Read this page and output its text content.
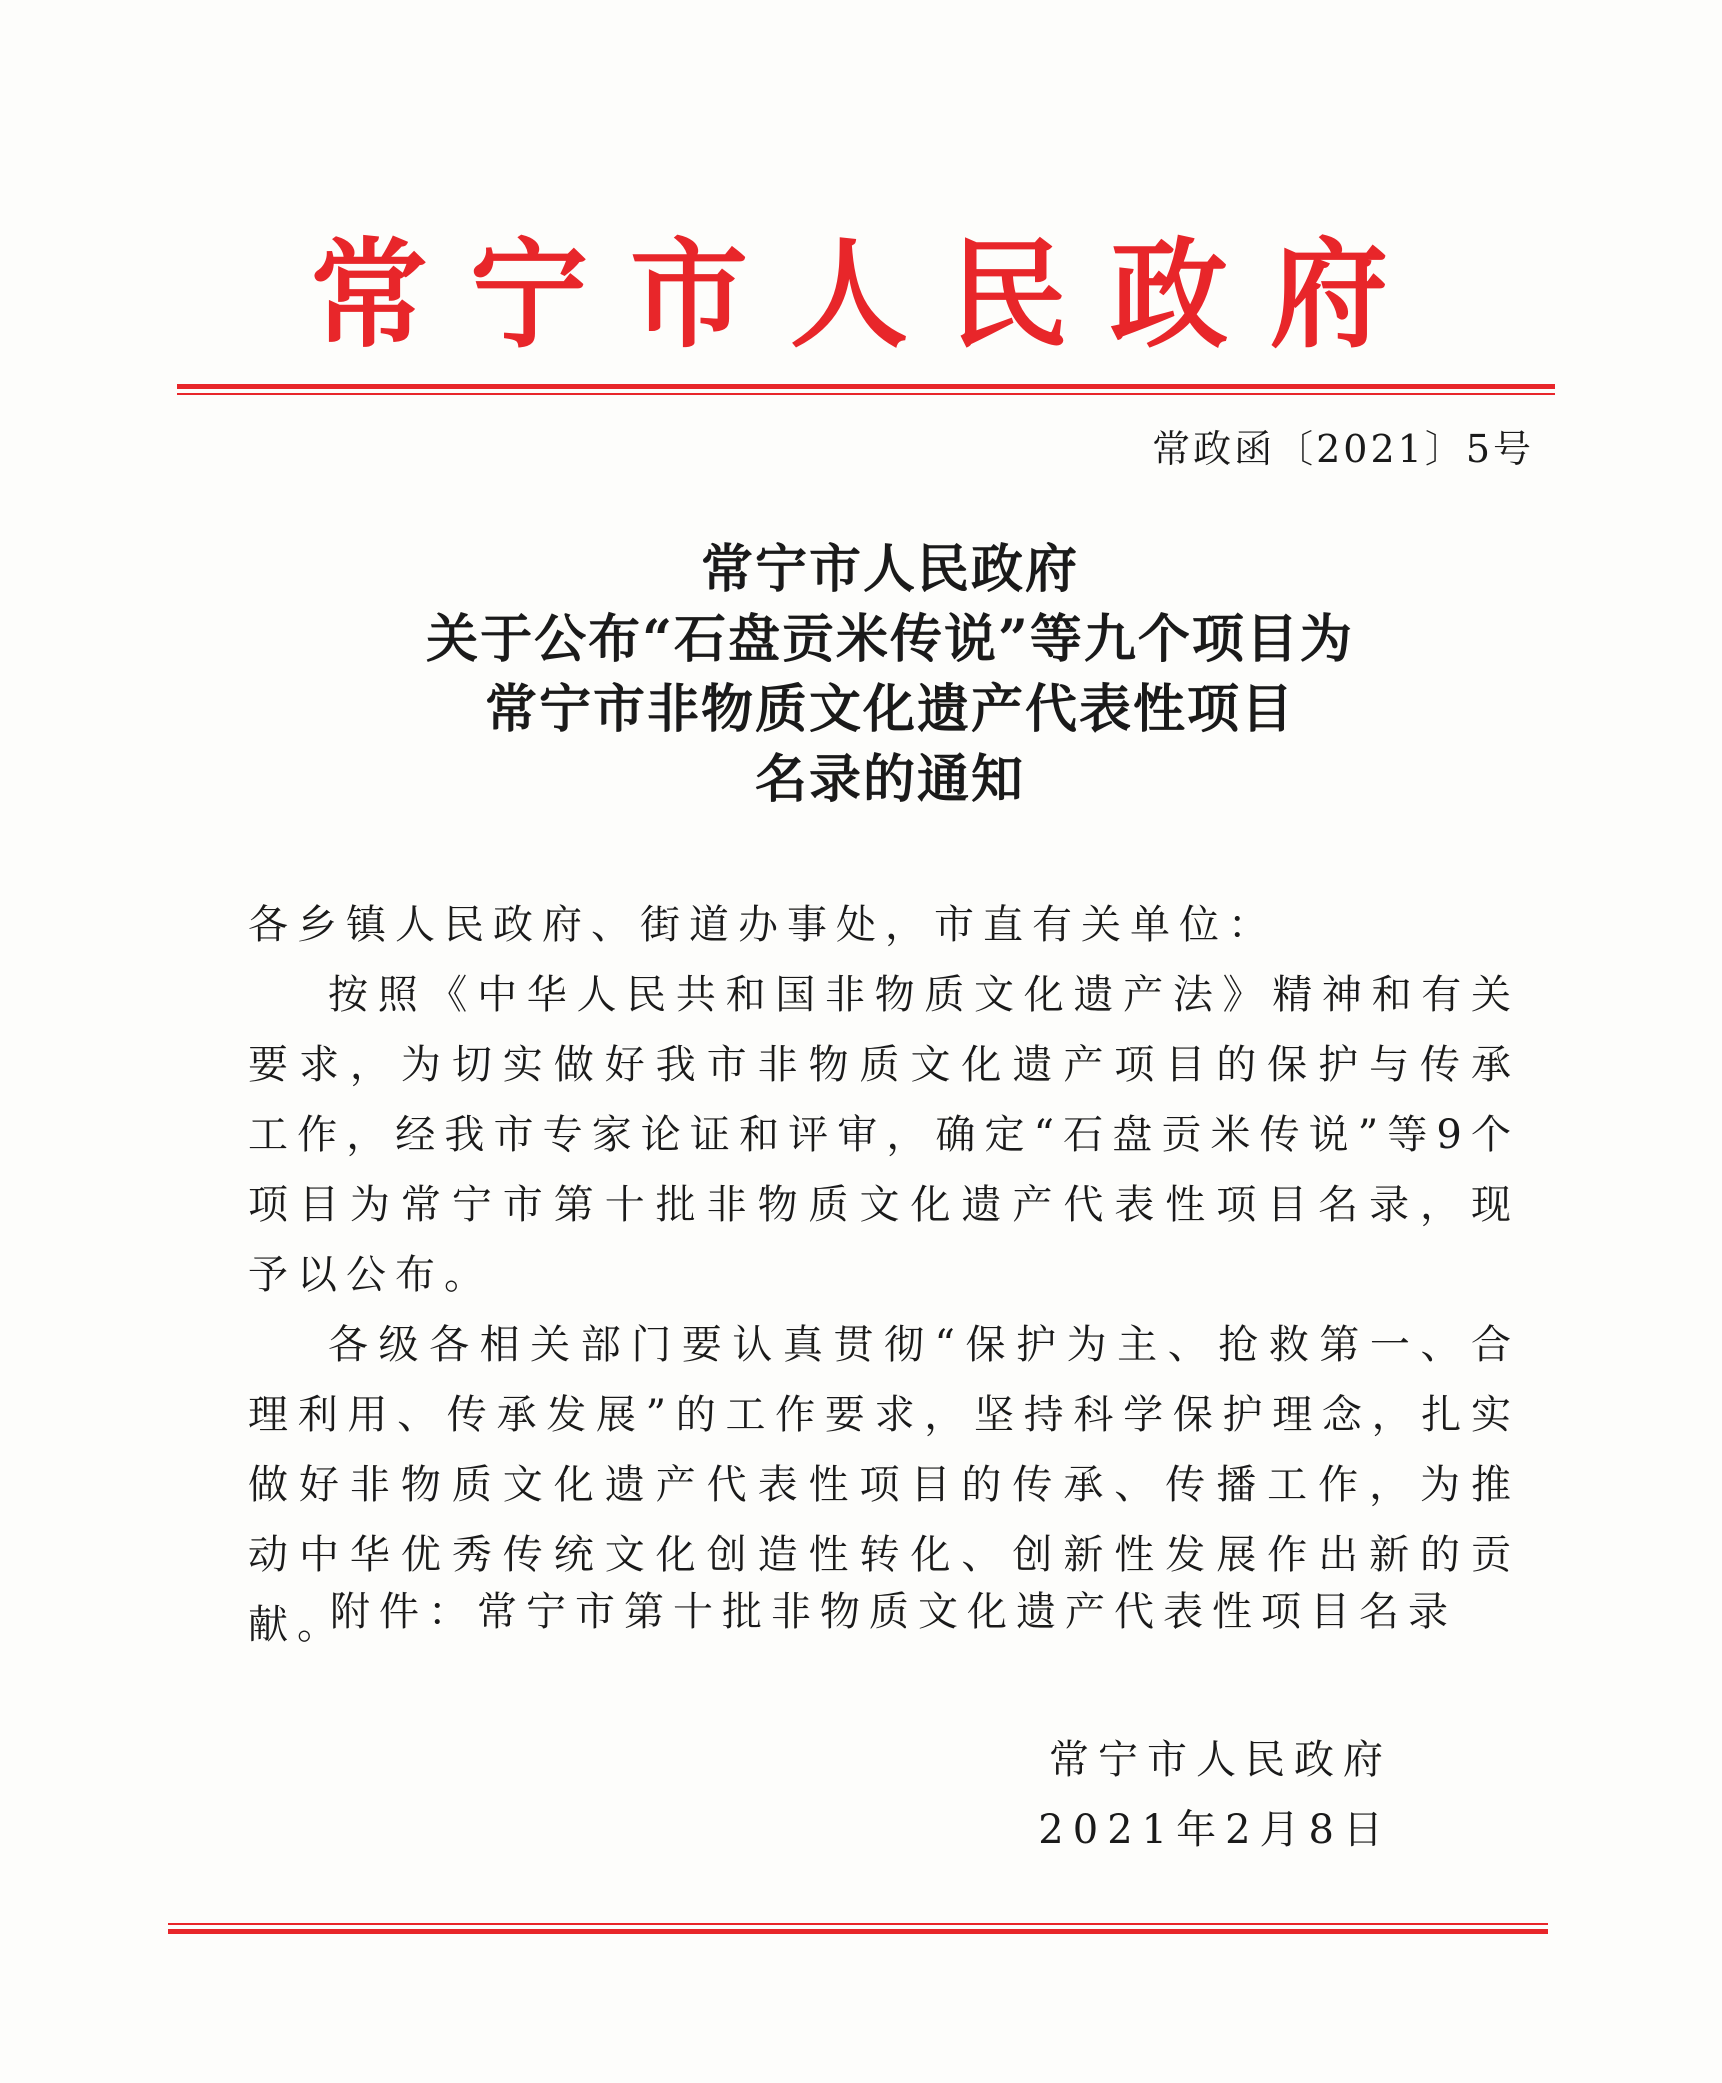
常宁市人民政府
常政函〔2021〕5号
常宁市人民政府
关于公布“石盘贡米传说”等九个项目为
常宁市非物质文化遗产代表性项目
名录的通知

各乡镇人民政府、街道办事处，市直有关单位：

按照《中华人民共和国非物质文化遗产法》精神和有关要求，为切实做好我市非物质文化遗产项目的保护与传承工作，经我市专家论证和评审，确定“石盘贡米传说”等9个项目为常宁市第十批非物质文化遗产代表性项目名录，现予以公布。

各级各相关部门要认真贯彻“保护为主、抢救第一、合理利用、传承发展”的工作要求，坚持科学保护理念，扎实做好非物质文化遗产代表性项目的传承、传播工作，为推动中华优秀传统文化创造性转化、创新性发展作出新的贡献。

附件：常宁市第十批非物质文化遗产代表性项目名录
常宁市人民政府
2021年2月8日
